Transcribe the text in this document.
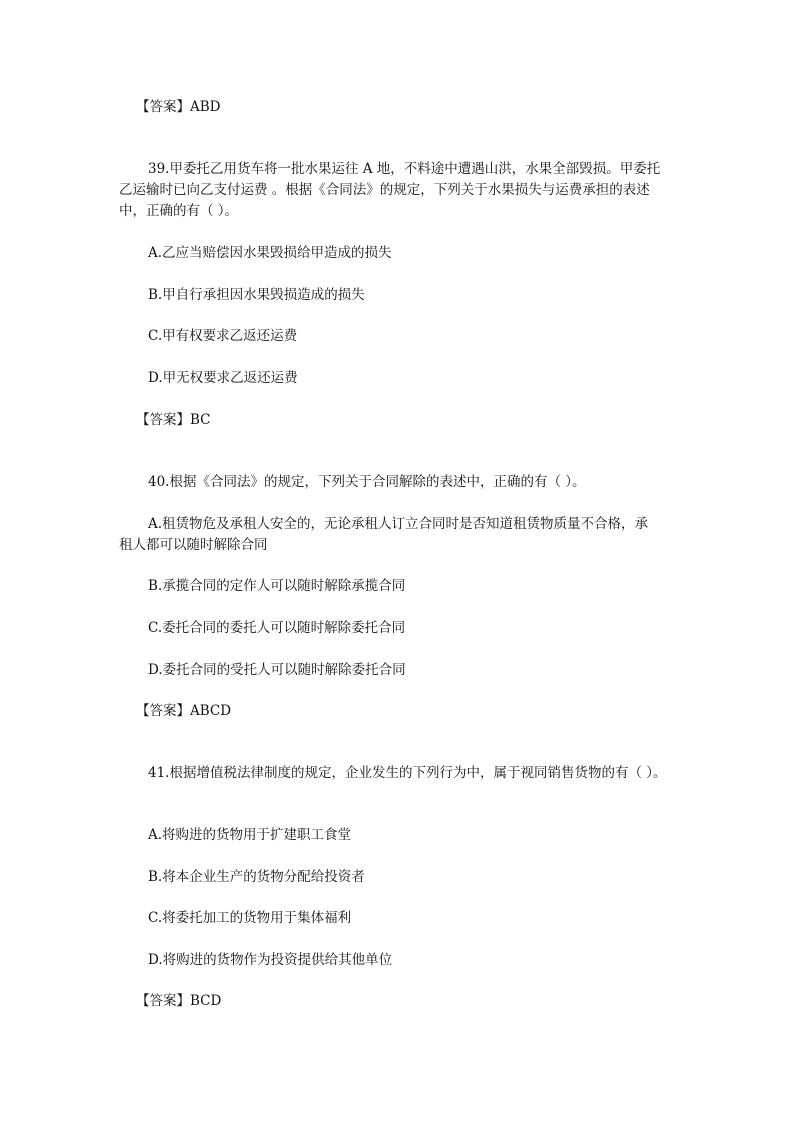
【答案】ABD
39.甲委托乙用货车将一批水果运往 A 地，不料途中遭遇山洪，水果全部毁损。甲委托
乙运输时已向乙支付运费 。根据《合同法》的规定，下列关于水果损失与运费承担的表述
中，正确的有（ ）。
A.乙应当赔偿因水果毁损给甲造成的损失
B.甲自行承担因水果毁损造成的损失
C.甲有权要求乙返还运费
D.甲无权要求乙返还运费
【答案】BC
40.根据《合同法》的规定，下列关于合同解除的表述中，正确的有（ ）。
A.租赁物危及承租人安全的，无论承租人订立合同时是否知道租赁物质量不合格，承
租人都可以随时解除合同
B.承揽合同的定作人可以随时解除承揽合同
C.委托合同的委托人可以随时解除委托合同
D.委托合同的受托人可以随时解除委托合同
【答案】ABCD
41.根据增值税法律制度的规定，企业发生的下列行为中，属于视同销售货物的有（ ）。
A.将购进的货物用于扩建职工食堂
B.将本企业生产的货物分配给投资者
C.将委托加工的货物用于集体福利
D.将购进的货物作为投资提供给其他单位
【答案】BCD
